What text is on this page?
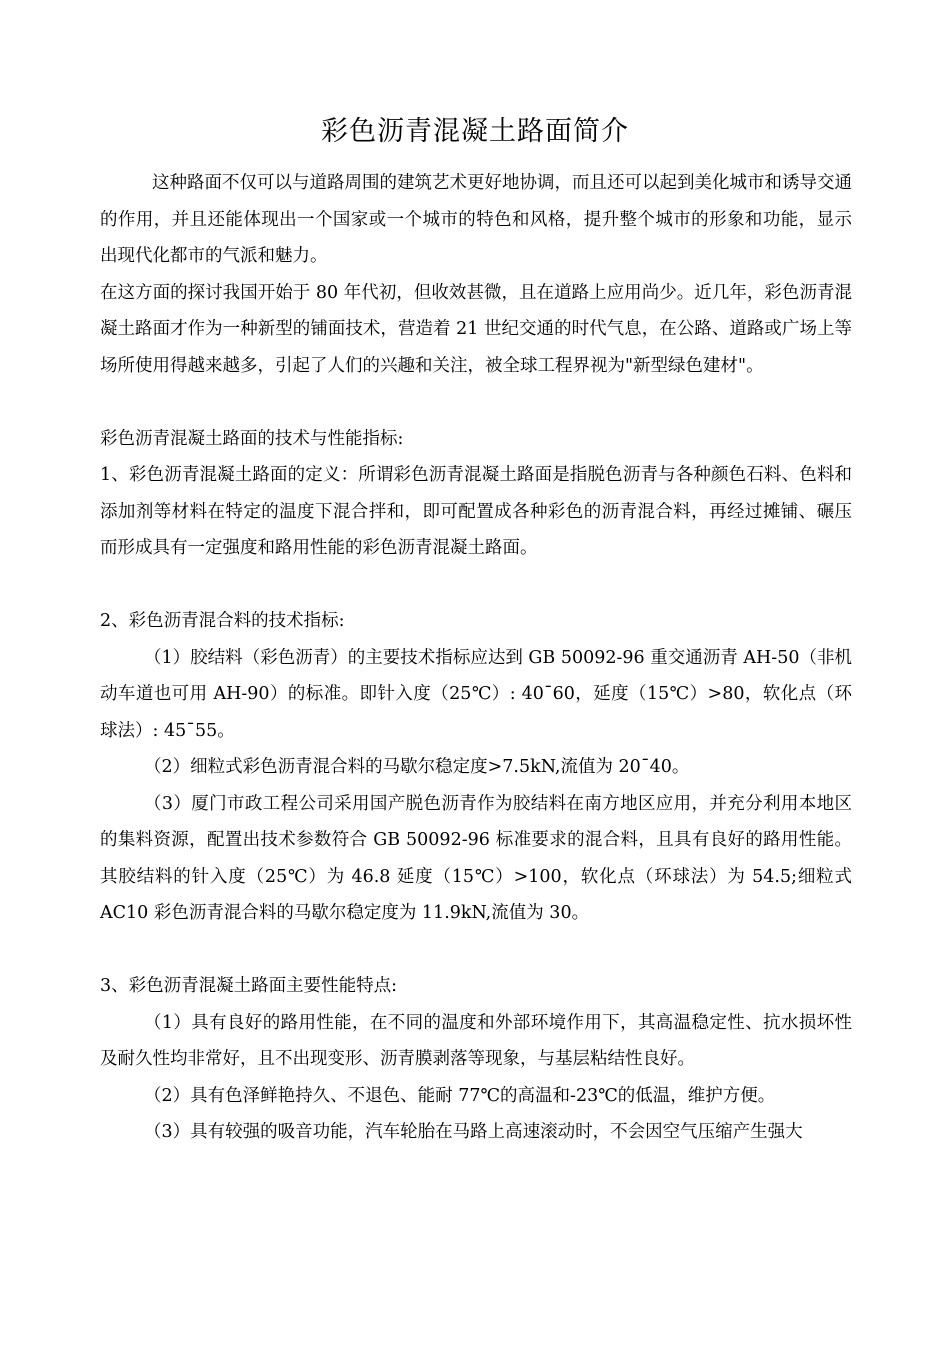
彩色沥青混凝土路面简介

这种路面不仅可以与道路周围的建筑艺术更好地协调，而且还可以起到美化城市和诱导交通的作用，并且还能体现出一个国家或一个城市的特色和风格，提升整个城市的形象和功能，显示出现代化都市的气派和魅力。

在这方面的探讨我国开始于 80 年代初，但收效甚微，且在道路上应用尚少。近几年，彩色沥青混凝土路面才作为一种新型的铺面技术，营造着 21 世纪交通的时代气息，在公路、道路或广场上等场所使用得越来越多，引起了人们的兴趣和关注，被全球工程界视为"新型绿色建材"。

彩色沥青混凝土路面的技术与性能指标:

1、彩色沥青混凝土路面的定义：所谓彩色沥青混凝土路面是指脱色沥青与各种颜色石料、色料和添加剂等材料在特定的温度下混合拌和，即可配置成各种彩色的沥青混合料，再经过摊铺、碾压而形成具有一定强度和路用性能的彩色沥青混凝土路面。

2、彩色沥青混合料的技术指标:

（1）胶结料（彩色沥青）的主要技术指标应达到 GB 50092-96 重交通沥青 AH-50（非机动车道也可用 AH-90）的标准。即针入度（25℃）: 40¯60，延度（15℃）>80，软化点（环球法）: 45¯55。

（2）细粒式彩色沥青混合料的马歇尔稳定度>7.5kN,流值为 20¯40。

（3）厦门市政工程公司采用国产脱色沥青作为胶结料在南方地区应用，并充分利用本地区的集料资源，配置出技术参数符合 GB 50092-96 标准要求的混合料，且具有良好的路用性能。其胶结料的针入度（25℃）为 46.8 延度（15℃）>100，软化点（环球法）为 54.5;细粒式 AC10 彩色沥青混合料的马歇尔稳定度为 11.9kN,流值为 30。

3、彩色沥青混凝土路面主要性能特点:

（1）具有良好的路用性能，在不同的温度和外部环境作用下，其高温稳定性、抗水损坏性及耐久性均非常好，且不出现变形、沥青膜剥落等现象，与基层粘结性良好。

（2）具有色泽鲜艳持久、不退色、能耐 77℃的高温和-23℃的低温，维护方便。

（3）具有较强的吸音功能，汽车轮胎在马路上高速滚动时，不会因空气压缩产生强大
